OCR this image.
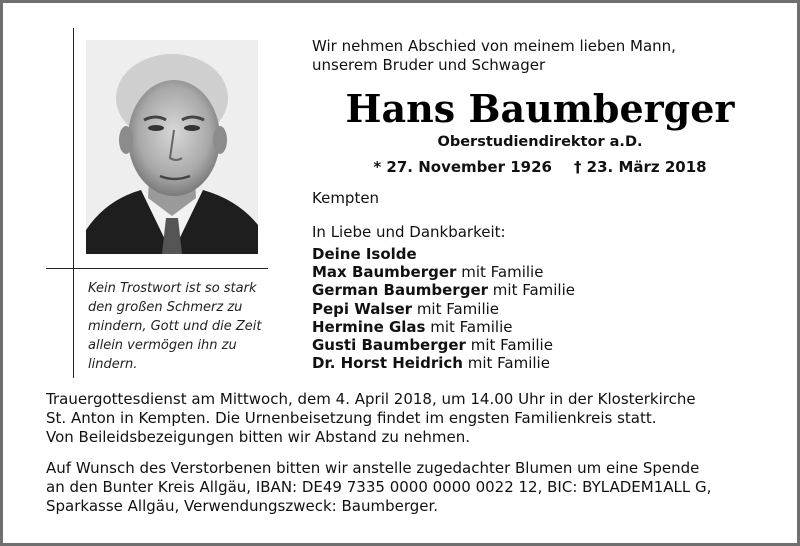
Kein Trostwort ist so stark
den großen Schmerz zu
mindern, Gott und die Zeit
allein vermögen ihn zu
lindern.
Wir nehmen Abschied von meinem lieben Mann,
unserem Bruder und Schwager
Hans Baumberger
Oberstudiendirektor a.D.
* 27. November 1926 † 23. März 2018
Kempten
In Liebe und Dankbarkeit:
Deine Isolde
Max Baumberger mit Familie
German Baumberger mit Familie
Pepi Walser mit Familie
Hermine Glas mit Familie
Gusti Baumberger mit Familie
Dr. Horst Heidrich mit Familie
Trauergottesdienst am Mittwoch, dem 4. April 2018, um 14.00 Uhr in der Klosterkirche
St. Anton in Kempten. Die Urnenbeisetzung findet im engsten Familienkreis statt.
Von Beileidsbezeigungen bitten wir Abstand zu nehmen.
Auf Wunsch des Verstorbenen bitten wir anstelle zugedachter Blumen um eine Spende
an den Bunter Kreis Allgäu, IBAN: DE49 7335 0000 0000 0022 12, BIC: BYLADEM1ALL G,
Sparkasse Allgäu, Verwendungszweck: Baumberger.
